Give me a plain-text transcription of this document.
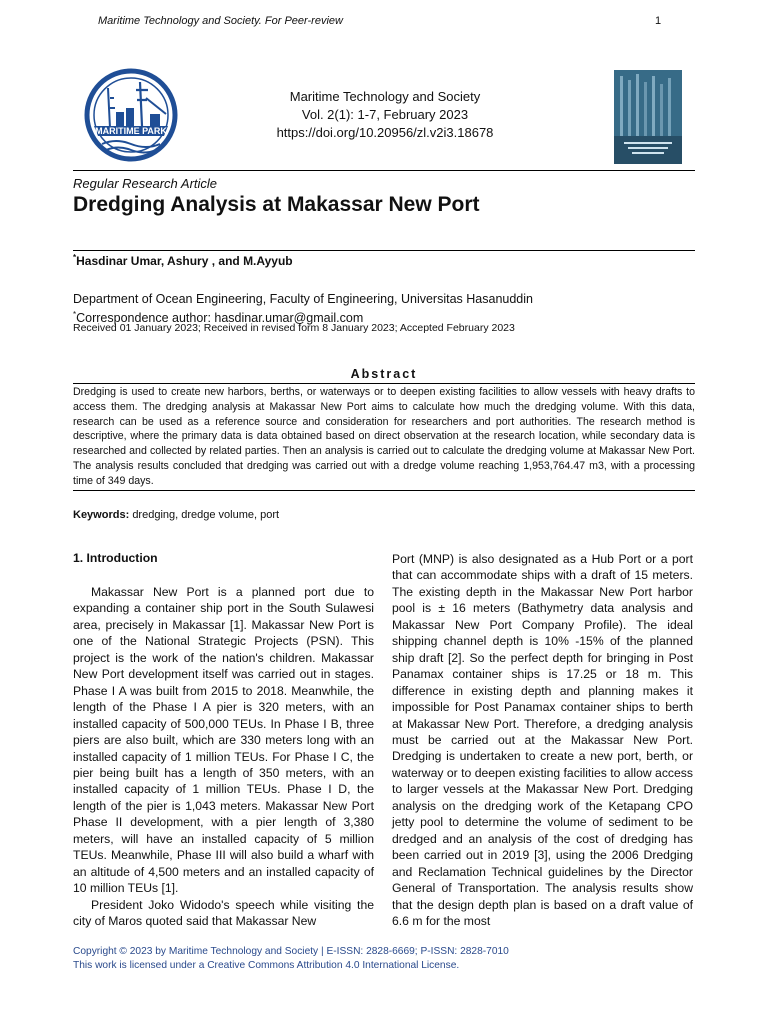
Maritime Technology and Society. For Peer-review	1
MARITIME PARK
Maritime Technology and Society
Vol. 2(1): 1-7, February 2023
https://doi.org/10.20956/zl.v2i3.18678
Regular Research Article
Dredging Analysis at Makassar New Port
*Hasdinar Umar, Ashury , and M.Ayyub
Department of Ocean Engineering, Faculty of Engineering, Universitas Hasanuddin
*Correspondence author: hasdinar.umar@gmail.com
Received 01 January 2023; Received in revised form 8 January 2023; Accepted February 2023
Abstract
Dredging is used to create new harbors, berths, or waterways or to deepen existing facilities to allow vessels with heavy drafts to access them. The dredging analysis at Makassar New Port aims to calculate how much the dredging volume. With this data, research can be used as a reference source and consideration for researchers and port authorities. The research method is descriptive, where the primary data is data obtained based on direct observation at the research location, while secondary data is researched and collected by related parties. Then an analysis is carried out to calculate the dredging volume at Makassar New Port. The analysis results concluded that dredging was carried out with a dredge volume reaching 1,953,764.47 m3, with a processing time of 349 days.
Keywords: dredging, dredge volume, port
1. Introduction

Makassar New Port is a planned port due to expanding a container ship port in the South Sulawesi area, precisely in Makassar [1]. Makassar New Port is one of the National Strategic Projects (PSN). This project is the work of the nation's children. Makassar New Port development itself was carried out in stages. Phase I A was built from 2015 to 2018. Meanwhile, the length of the Phase I A pier is 320 meters, with an installed capacity of 500,000 TEUs. In Phase I B, three piers are also built, which are 330 meters long with an installed capacity of 1 million TEUs. For Phase I C, the pier being built has a length of 350 meters, with an installed capacity of 1 million TEUs. Phase I D, the length of the pier is 1,043 meters. Makassar New Port Phase II development, with a pier length of 3,380 meters, will have an installed capacity of 5 million TEUs. Meanwhile, Phase III will also build a wharf with an altitude of 4,500 meters and an installed capacity of 10 million TEUs [1].

President Joko Widodo's speech while visiting the city of Maros quoted said that Makassar New

Port (MNP) is also designated as a Hub Port or a port that can accommodate ships with a draft of 15 meters. The existing depth in the Makassar New Port harbor pool is ± 16 meters (Bathymetry data analysis and Makassar New Port Company Profile). The ideal shipping channel depth is 10% -15% of the planned ship draft [2]. So the perfect depth for bringing in Post Panamax container ships is 17.25 or 18 m. This difference in existing depth and planning makes it impossible for Post Panamax container ships to berth at Makassar New Port. Therefore, a dredging analysis must be carried out at the Makassar New Port. Dredging is undertaken to create a new port, berth, or waterway or to deepen existing facilities to allow access to larger vessels at the Makassar New Port. Dredging analysis on the dredging work of the Ketapang CPO jetty pool to determine the volume of sediment to be dredged and an analysis of the cost of dredging has been carried out in 2019 [3], using the 2006 Dredging and Reclamation Technical guidelines by the Director General of Transportation. The analysis results show that the design depth plan is based on a draft value of 6.6 m for the most

Copyright © 2023 by Maritime Technology and Society | E-ISSN: 2828-6669; P-ISSN: 2828-7010
This work is licensed under a Creative Commons Attribution 4.0 International License.
